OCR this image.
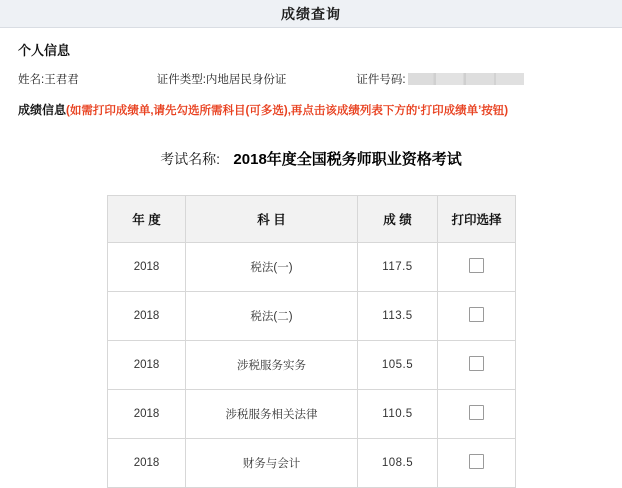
成绩查询
个人信息
姓名:王君君	证件类型: 内地居民身份证	证件号码:
成绩信息 (如需打印成绩单,请先勾选所需科目(可多选),再点击该成绩列表下方的‘打印成绩单’按钮)
考试名称: 2018年度全国税务师职业资格考试
年 度	科 目	成 绩	打印选择
2018	税法(一)	117.5	
2018	税法(二)	113.5	
2018	涉税服务实务	105.5	
2018	涉税服务相关法律	110.5	
2018	财务与会计	108.5	
